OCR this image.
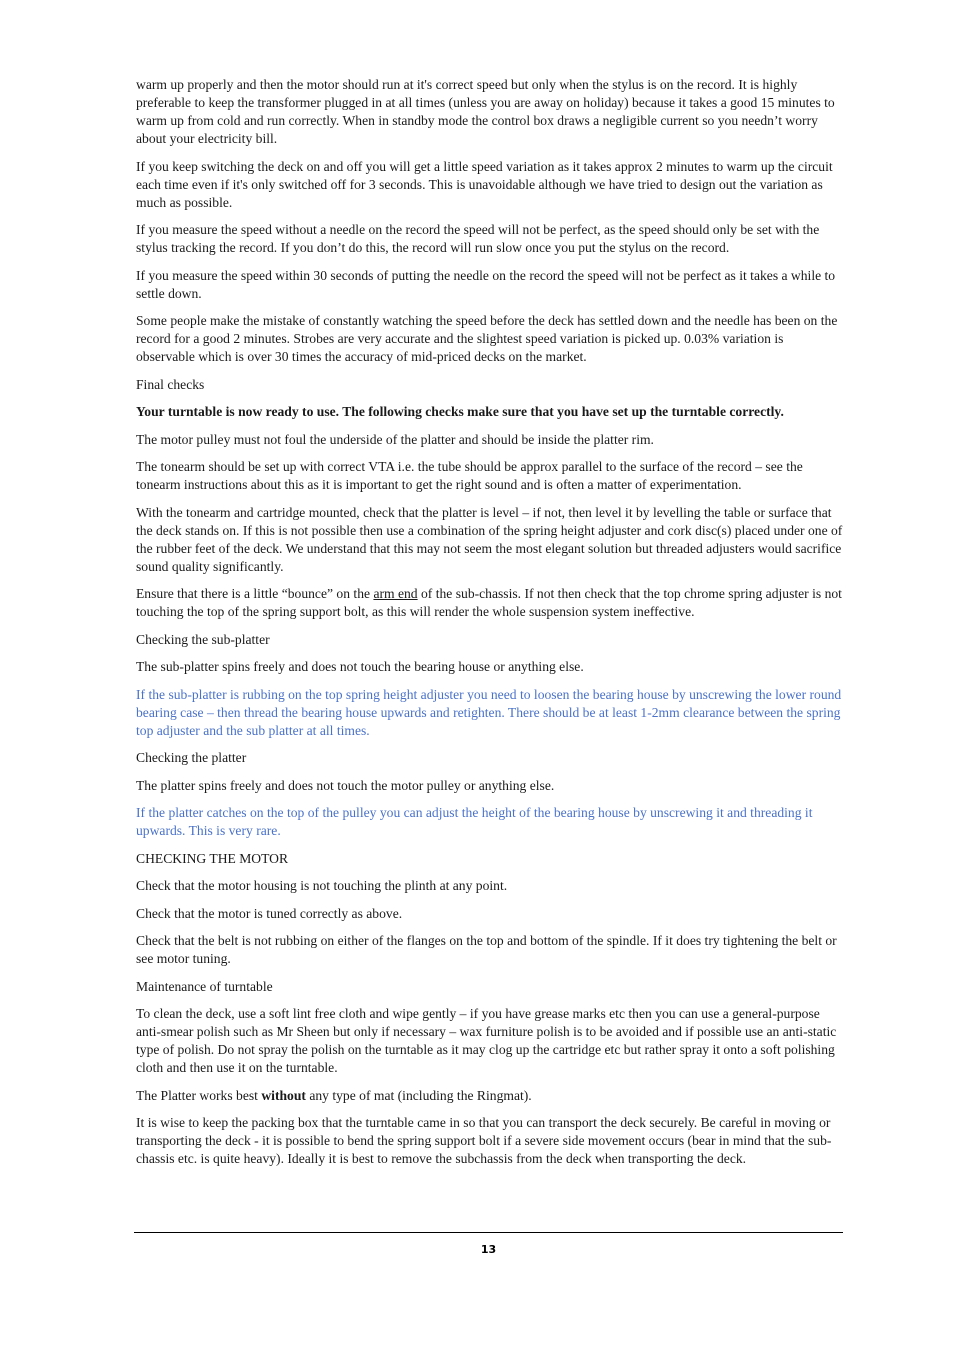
warm up properly and then the motor should run at it's correct speed but only when the stylus is on the record. It is highly preferable to keep the transformer plugged in at all times (unless you are away on holiday) because it takes a good 15 minutes to warm up from cold and run correctly. When in standby mode the control box draws a negligible current so you needn’t worry about your electricity bill.

If you keep switching the deck on and off you will get a little speed variation as it takes approx 2 minutes to warm up the circuit each time even if it's only switched off for 3 seconds. This is unavoidable although we have tried to design out the variation as much as possible.

If you measure the speed without a needle on the record the speed will not be perfect, as the speed should only be set with the stylus tracking the record. If you don’t do this, the record will run slow once you put the stylus on the record.

If you measure the speed within 30 seconds of putting the needle on the record the speed will not be perfect as it takes a while to settle down.

Some people make the mistake of constantly watching the speed before the deck has settled down and the needle has been on the record for a good 2 minutes. Strobes are very accurate and the slightest speed variation is picked up. 0.03% variation is observable which is over 30 times the accuracy of mid-priced decks on the market.

Final checks

Your turntable is now ready to use. The following checks make sure that you have set up the turntable correctly.

The motor pulley must not foul the underside of the platter and should be inside the platter rim.

The tonearm should be set up with correct VTA i.e. the tube should be approx parallel to the surface of the record – see the tonearm instructions about this as it is important to get the right sound and is often a matter of experimentation.

With the tonearm and cartridge mounted, check that the platter is level – if not, then level it by levelling the table or surface that the deck stands on. If this is not possible then use a combination of the spring height adjuster and cork disc(s) placed under one of the rubber feet of the deck. We understand that this may not seem the most elegant solution but threaded adjusters would sacrifice sound quality significantly.

Ensure that there is a little “bounce” on the arm end of the sub-chassis. If not then check that the top chrome spring adjuster is not touching the top of the spring support bolt, as this will render the whole suspension system ineffective.

Checking the sub-platter

The sub-platter spins freely and does not touch the bearing house or anything else.

If the sub-platter is rubbing on the top spring height adjuster you need to loosen the bearing house by unscrewing the lower round bearing case – then thread the bearing house upwards and retighten. There should be at least 1-2mm clearance between the spring top adjuster and the sub platter at all times.

Checking the platter

The platter spins freely and does not touch the motor pulley or anything else.

If the platter catches on the top of the pulley you can adjust the height of the bearing house by unscrewing it and threading it upwards. This is very rare.

CHECKING THE MOTOR

Check that the motor housing is not touching the plinth at any point.

Check that the motor is tuned correctly as above.

Check that the belt is not rubbing on either of the flanges on the top and bottom of the spindle. If it does try tightening the belt or see motor tuning.

Maintenance of turntable

To clean the deck, use a soft lint free cloth and wipe gently – if you have grease marks etc then you can use a general-purpose anti-smear polish such as Mr Sheen but only if necessary – wax furniture polish is to be avoided and if possible use an anti-static type of polish. Do not spray the polish on the turntable as it may clog up the cartridge etc but rather spray it onto a soft polishing cloth and then use it on the turntable.

The Platter works best without any type of mat (including the Ringmat).

It is wise to keep the packing box that the turntable came in so that you can transport the deck securely. Be careful in moving or transporting the deck - it is possible to bend the spring support bolt if a severe side movement occurs (bear in mind that the sub-chassis etc. is quite heavy). Ideally it is best to remove the subchassis from the deck when transporting the deck.

13
